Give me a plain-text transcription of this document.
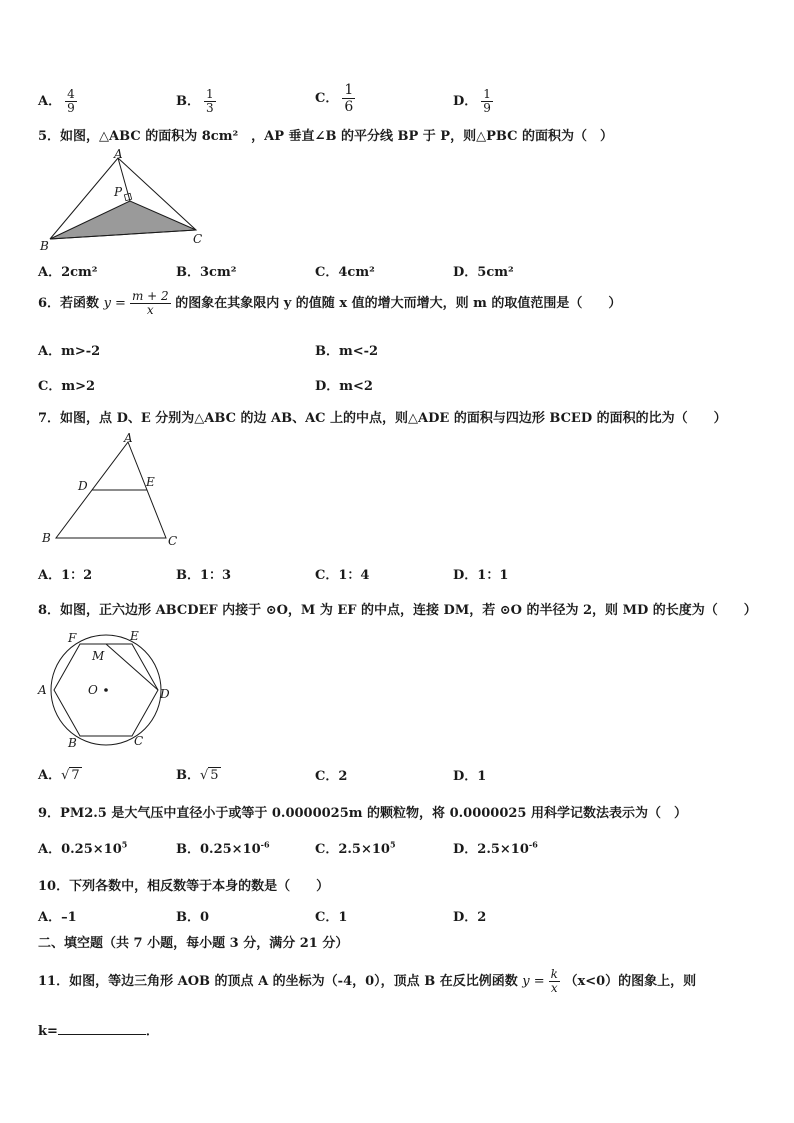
A． $\frac{4}{9}$	B． $\frac{1}{3}$	C． $\frac{1}{6}$	D． $\frac{1}{9}$
5．如图，△ABC 的面积为 8cm²　，AP 垂直∠B 的平分线 BP 于 P，则△PBC 的面积为（　）
A
P
B	C
A．2cm²	B．3cm²	C．4cm²	D．5cm²
6．若函数 $y = \frac{m + 2}{x}$ 的图象在其象限内 y 的值随 x 值的增大而增大，则 m 的取值范围是（　　）
A．m>-2	B．m<-2
C．m>2	D．m<2
7．如图，点 D、E 分别为△ABC 的边 AB、AC 上的中点，则△ADE 的面积与四边形 BCED 的面积的比为（　　）
A
D	E
B	C
A．1：2	B．1：3	C．1：4	D．1：1
8．如图，正六边形 ABCDEF 内接于 ⊙O，M 为 EF 的中点，连接 DM，若 ⊙O 的半径为 2，则 MD 的长度为（　　）
F	E
M
O
A	D
B	C
A．√ 7	B．√ 5	C．2	D．1
9．PM2.5 是大气压中直径小于或等于 0.0000025m 的颗粒物，将 0.0000025 用科学记数法表示为（　）
A．$0.25\times 10^5$	B．$0.25\times 10^{-6}$	C．$2.5\times 10^5$	D．$2.5\times 10^{-6}$
10．下列各数中，相反数等于本身的数是（　　）
A．–1	B．0	C．1	D．2
二、填空题（共 7 小题，每小题 3 分，满分 21 分）
11．如图，等边三角形 AOB 的顶点 A 的坐标为（-4，0），顶点 B 在反比例函数 $y = \frac{k}{x} (x<0)$的图象上，则
k=	．
